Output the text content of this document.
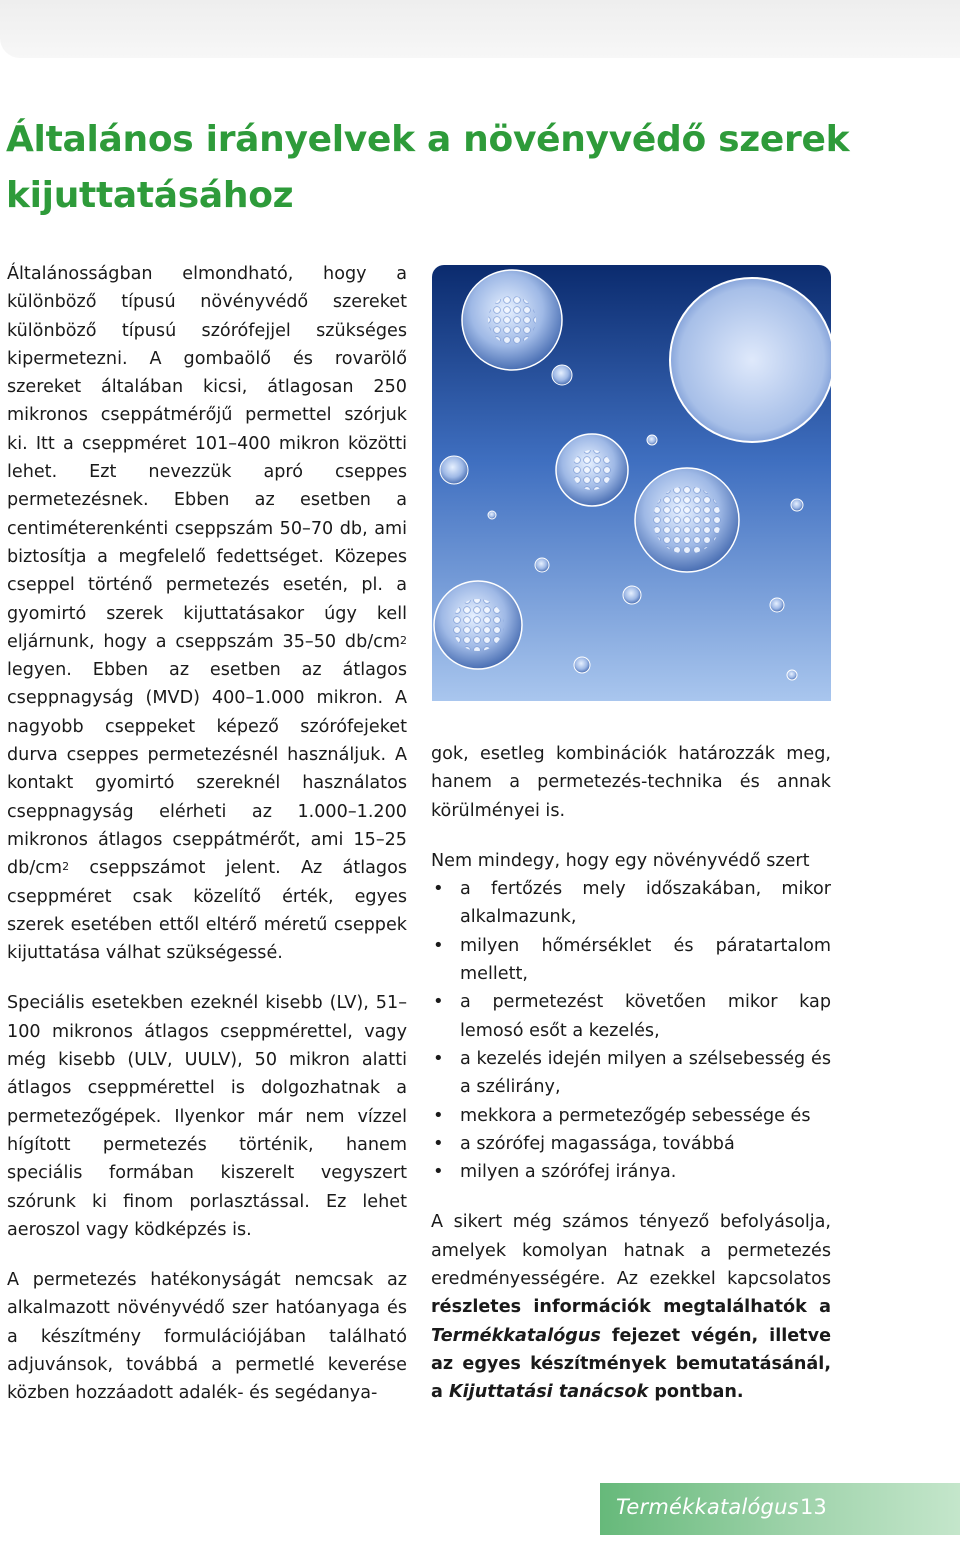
Általános irányelvek a növényvédő szerek kijuttatásához

Általánosságban elmondható, hogy a különböző típusú növényvédő szereket különböző típusú szórófejjel szükséges kipermetezni. A gombaölő és rovarölő szereket általában kicsi, átlagosan 250 mikronos cseppátmérőjű permettel szórjuk ki. Itt a cseppméret 101–400 mikron közötti lehet. Ezt nevezzük apró cseppes permetezésnek. Ebben az esetben a centiméterenkénti cseppszám 50–70 db, ami biztosítja a megfelelő fedettséget. Közepes cseppel történő permetezés esetén, pl. a gyomirtó szerek kijuttatásakor úgy kell eljárnunk, hogy a cseppszám 35–50 $db/cm^2$ legyen. Ebben az esetben az átlagos cseppnagyság (MVD) 400–1.000 mikron. A nagyobb cseppeket képező szórófejeket durva cseppes permetezésnél használjuk. A kontakt gyomirtó szereknél használatos cseppnagyság elérheti az 1.000–1.200 mikronos átlagos cseppátmérőt, ami 15–25 $db/cm^2$ cseppszámot jelent. Az átlagos cseppméret csak közelítő érték, egyes szerek esetében ettől eltérő méretű cseppek kijuttatása válhat szükségessé.

Speciális esetekben ezeknél kisebb (LV), 51–100 mikronos átlagos cseppmérettel, vagy még kisebb (ULV, UULV), 50 mikron alatti átlagos cseppmérettel is dolgozhatnak a permetezőgépek. Ilyenkor már nem vízzel hígított permetezés történik, hanem speciális formában kiszerelt vegyszert szórunk ki finom porlasztással. Ez lehet aeroszol vagy ködképzés is.

A permetezés hatékonyságát nemcsak az alkalmazott növényvédő szer hatóanyaga és a készítmény formulációjában található adjuvánsok, továbbá a permetlé keverése közben hozzáadott adalék- és segédanya-

gok, esetleg kombinációk határozzák meg, hanem a permetezés-technika és annak körülményei is.

Nem mindegy, hogy egy növényvédő szert
• a fertőzés mely időszakában, mikor alkalmazunk,
• milyen hőmérséklet és páratartalom mellett,
• a permetezést követően mikor kap lemosó esőt a kezelés,
• a kezelés idején milyen a szélsebesség és a szélirány,
• mekkora a permetezőgép sebessége és
• a szórófej magassága, továbbá
• milyen a szórófej iránya.

A sikert még számos tényező befolyásolja, amelyek komolyan hatnak a permetezés eredményességére. Az ezekkel kapcsolatos részletes információk megtalálhatók a Termékkatalógus fejezet végén, illetve az egyes készítmények bemutatásánál, a Kijuttatási tanácsok pontban.

Termékkatalógus 13
